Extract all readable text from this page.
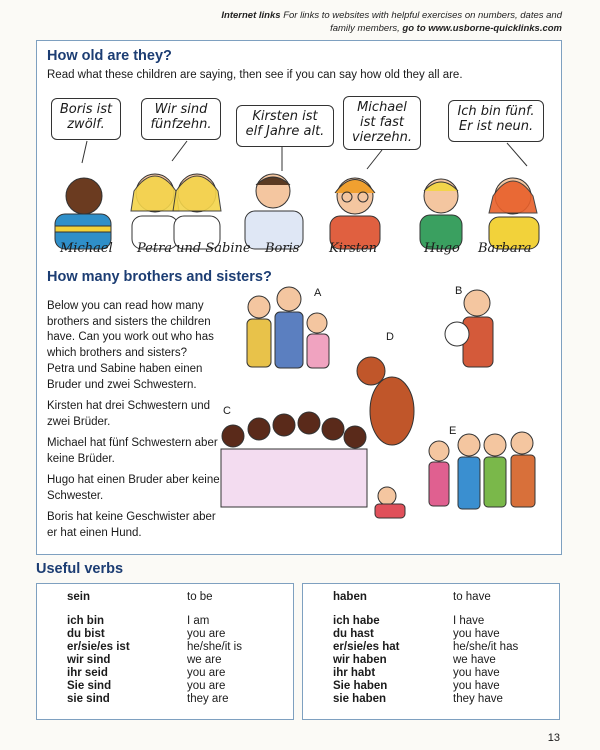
Internet links For links to websites with helpful exercises on numbers, dates and family members, go to www.usborne-quicklinks.com
How old are they?
Read what these children are saying, then see if you can say how old they all are.
Boris ist
zwölf.
Wir sind
fünfzehn.
Kirsten ist
elf Jahre alt.
Michael
ist fast
vierzehn.
Ich bin fünf.
Er ist neun.
Michael Petra und Sabine Boris Kirsten	Hugo Barbara
How many brothers and sisters?
Below you can read how many brothers and sisters the children have. Can you work out who has which brothers and sisters?
Petra und Sabine haben einen Bruder und zwei Schwestern.
Kirsten hat drei Schwestern und zwei Brüder.
Michael hat fünf Schwestern aber keine Brüder.
Hugo hat einen Bruder aber keine Schwester.
Boris hat keine Geschwister aber er hat einen Hund.
A	B
C
D
E
Useful verbs
sein	to be
ich bin	I am
du bist	you are
er/sie/es ist	he/she/it is
wir sind	we are
ihr seid	you are
Sie sind	you are
sie sind	they are
haben	to have
ich habe	I have
du hast	you have
er/sie/es hat	he/she/it has
wir haben	we have
ihr habt	you have
Sie haben	you have
sie haben	they have
13
